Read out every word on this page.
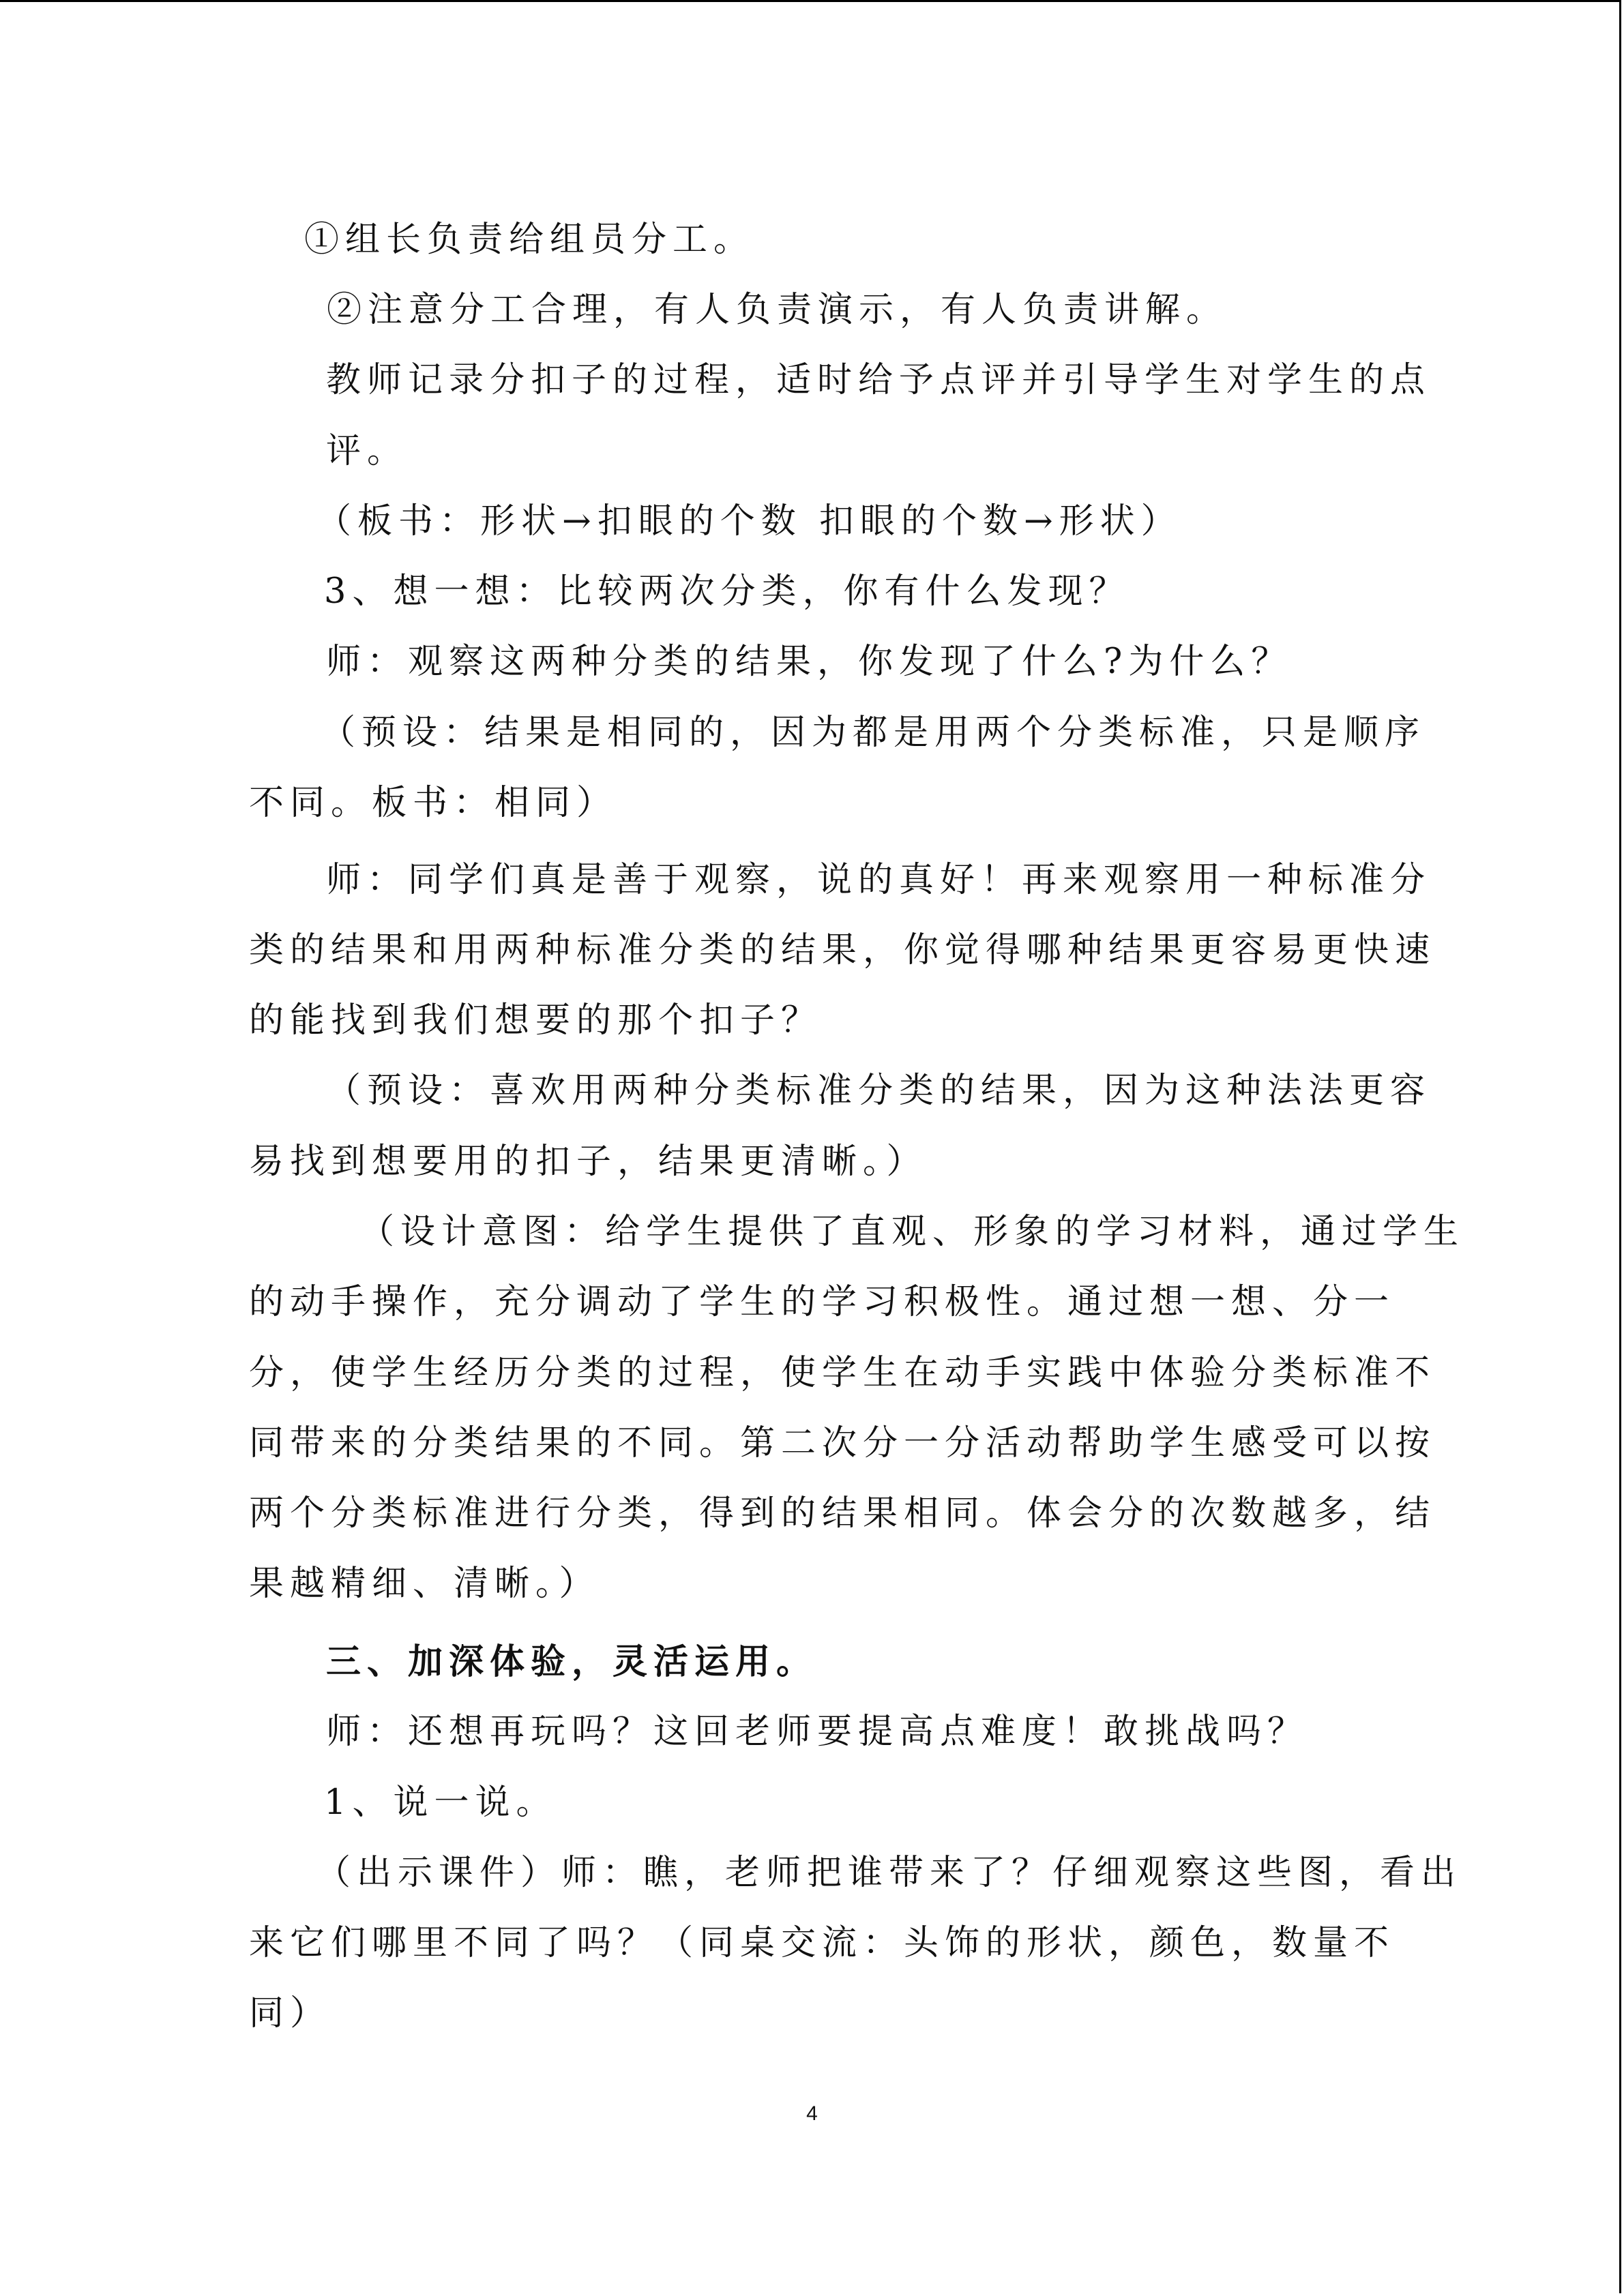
①组长负责给组员分工。
②注意分工合理，有人负责演示，有人负责讲解。
教师记录分扣子的过程，适时给予点评并引导学生对学生的点
评。
（板书：形状→扣眼的个数 扣眼的个数→形状）
3、想一想：比较两次分类，你有什么发现？
师：观察这两种分类的结果，你发现了什么?为什么？
（预设：结果是相同的，因为都是用两个分类标准，只是顺序
不同。板书：相同）
师：同学们真是善于观察，说的真好！再来观察用一种标准分
类的结果和用两种标准分类的结果，你觉得哪种结果更容易更快速
的能找到我们想要的那个扣子？
（预设：喜欢用两种分类标准分类的结果，因为这种法法更容
易找到想要用的扣子，结果更清晰。）
（设计意图：给学生提供了直观、形象的学习材料，通过学生
的动手操作，充分调动了学生的学习积极性。通过想一想、分一
分，使学生经历分类的过程，使学生在动手实践中体验分类标准不
同带来的分类结果的不同。第二次分一分活动帮助学生感受可以按
两个分类标准进行分类，得到的结果相同。体会分的次数越多，结
果越精细、清晰。）
三、加深体验，灵活运用。
师：还想再玩吗？这回老师要提高点难度！敢挑战吗？
1、说一说。
（出示课件）师：瞧，老师把谁带来了？仔细观察这些图，看出
来它们哪里不同了吗？（同桌交流：头饰的形状，颜色，数量不
同）
4
